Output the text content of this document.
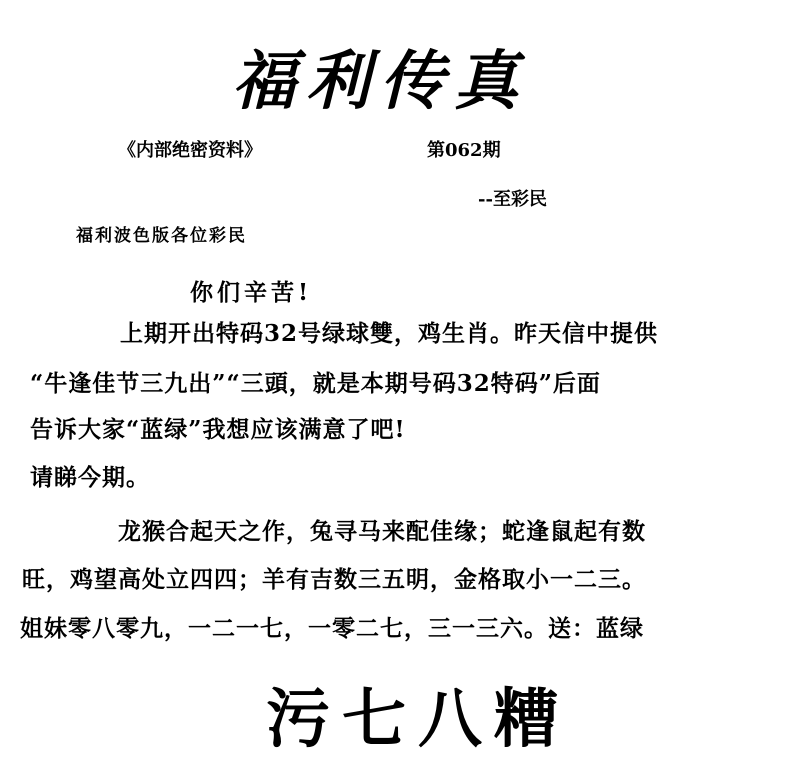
福利传真
《内部绝密资料》	第062期
--至彩民
福利波色版各位彩民
你们辛苦!
上期开出特码32号绿球雙，鸡生肖。昨天信中提供
“牛逢佳节三九出”“三頭，就是本期号码32特码”后面
告诉大家“蓝绿”我想应该满意了吧!
请睇今期。
龙猴合起天之作，兔寻马来配佳缘；蛇逢鼠起有数
旺，鸡望高处立四四；羊有吉数三五明，金格取小一二三。
姐妹零八零九，一二一七，一零二七，三一三六。送：蓝绿
污七八糟
